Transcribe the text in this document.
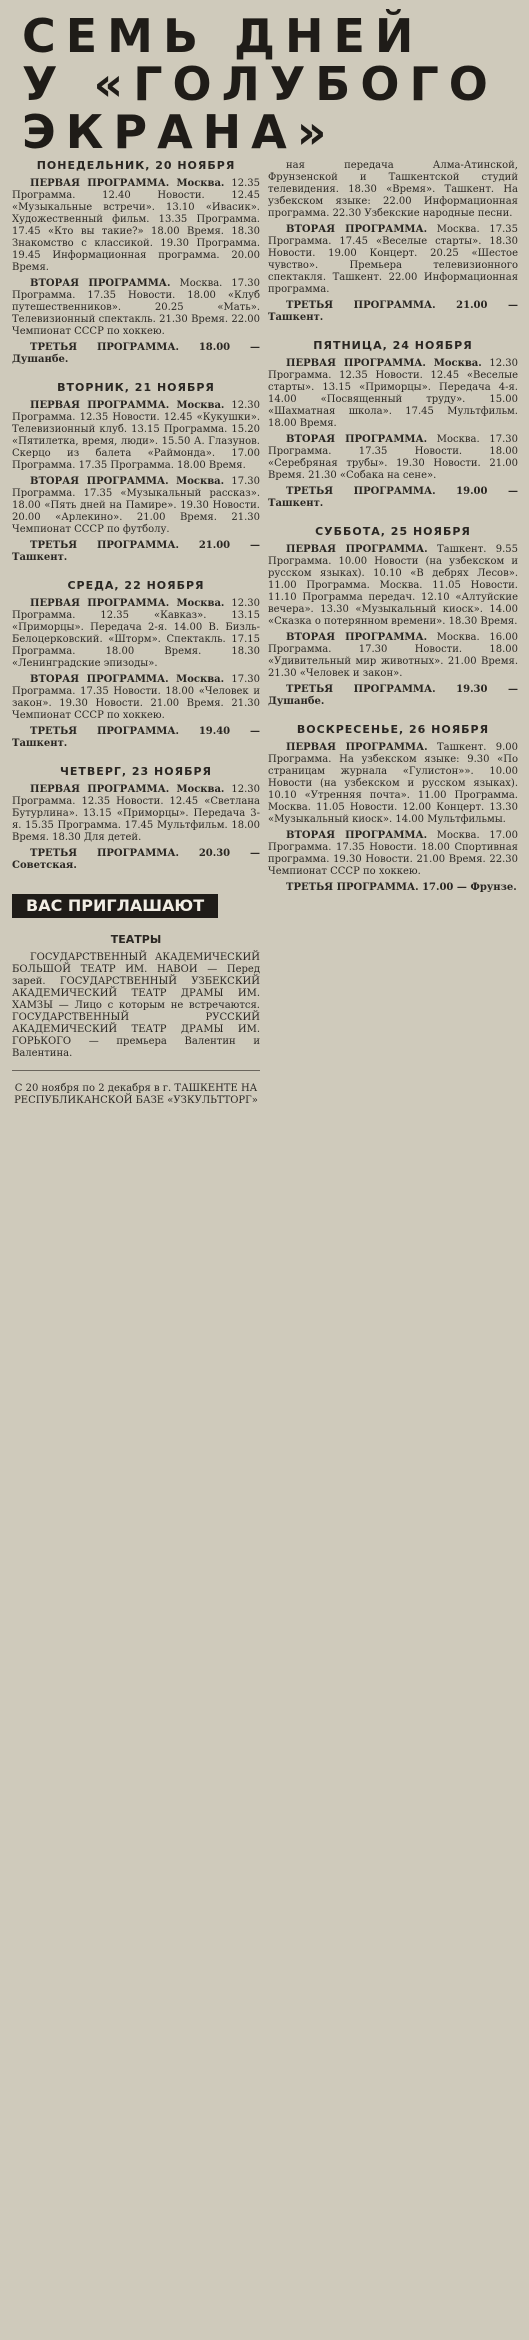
СЕМЬ ДНЕЙ
У «ГОЛУБОГО
ЭКРАНА»
ПОНЕДЕЛЬНИК, 20 НОЯБРЯ

ПЕРВАЯ ПРОГРАММА. Москва. 12.35 Программа. 12.40 Новости. 12.45 «Музыкальные встречи». 13.10 «Ивасик». Художественный фильм. 13.35 Программа. 17.45 «Кто вы такие?» 18.00 Время. 18.30 Знакомство с классикой. 19.30 Программа. 19.45 Информационная программа. 20.00 Время.

ВТОРАЯ ПРОГРАММА. Москва. 17.30 Программа. 17.35 Новости. 18.00 «Клуб путешественников». 20.25 «Мать». Телевизионный спектакль. 21.30 Время. 22.00 Чемпионат СССР по хоккею.

ТРЕТЬЯ ПРОГРАММА. 18.00 — Душанбе.

ВТОРНИК, 21 НОЯБРЯ

ПЕРВАЯ ПРОГРАММА. Москва. 12.30 Программа. 12.35 Новости. 12.45 «Кукушки». Телевизионный клуб. 13.15 Программа. 15.20 «Пятилетка, время, люди». 15.50 А. Глазунов. Скерцо из балета «Раймонда». 17.00 Программа. 17.35 Программа. 18.00 Время.

ВТОРАЯ ПРОГРАММА. Москва. 17.30 Программа. 17.35 «Музыкальный рассказ». 18.00 «Пять дней на Памире». 19.30 Новости. 20.00 «Арлекино». 21.00 Время. 21.30 Чемпионат СССР по футболу.

ТРЕТЬЯ ПРОГРАММА. 21.00 — Ташкент.

СРЕДА, 22 НОЯБРЯ

ПЕРВАЯ ПРОГРАММА. Москва. 12.30 Программа. 12.35 «Кавказ». 13.15 «Приморцы». Передача 2-я. 14.00 В. Бизль-Белоцерковский. «Шторм». Спектакль. 17.15 Программа. 18.00 Время. 18.30 «Ленинградские эпизоды».

ВТОРАЯ ПРОГРАММА. Москва. 17.30 Программа. 17.35 Новости. 18.00 «Человек и закон». 19.30 Новости. 21.00 Время. 21.30 Чемпионат СССР по хоккею.

ТРЕТЬЯ ПРОГРАММА. 19.40 — Ташкент.

ЧЕТВЕРГ, 23 НОЯБРЯ

ПЕРВАЯ ПРОГРАММА. Москва. 12.30 Программа. 12.35 Новости. 12.45 «Светлана Бутурлина». 13.15 «Приморцы». Передача 3-я. 15.35 Программа. 17.45 Мультфильм. 18.00 Время. 18.30 Для детей.

ТРЕТЬЯ ПРОГРАММА. 20.30 — Советская.

ВАС ПРИГЛАШАЮТ
ТЕАТРЫ

ГОСУДАРСТВЕННЫЙ АКАДЕМИЧЕСКИЙ БОЛЬШОЙ ТЕАТР ИМ. НАВОИ — Перед зарей. ГОСУДАРСТВЕННЫЙ УЗБЕКСКИЙ АКАДЕМИЧЕСКИЙ ТЕАТР ДРАМЫ ИМ. ХАМЗЫ — Лицо с которым не встречаются. ГОСУДАРСТВЕННЫЙ РУССКИЙ АКАДЕМИЧЕСКИЙ ТЕАТР ДРАМЫ ИМ. ГОРЬКОГО — премьера Валентин и Валентина.

С 20 ноября по 2 декабря в г. ТАШКЕНТЕ НА РЕСПУБЛИКАНСКОЙ БАЗЕ «УЗКУЛЬТТОРГ»

ная передача Алма-Атинской, Фрунзенской и Ташкентской студий телевидения. 18.30 «Время». Ташкент. На узбекском языке: 22.00 Информационная программа. 22.30 Узбекские народные песни.

ВТОРАЯ ПРОГРАММА. Москва. 17.35 Программа. 17.45 «Веселые старты». 18.30 Новости. 19.00 Концерт. 20.25 «Шестое чувство». Премьера телевизионного спектакля. Ташкент. 22.00 Информационная программа.

ТРЕТЬЯ ПРОГРАММА. 21.00 — Ташкент.

ПЯТНИЦА, 24 НОЯБРЯ

ПЕРВАЯ ПРОГРАММА. Москва. 12.30 Программа. 12.35 Новости. 12.45 «Веселые старты». 13.15 «Приморцы». Передача 4-я. 14.00 «Посвященный труду». 15.00 «Шахматная школа». 17.45 Мультфильм. 18.00 Время.

ВТОРАЯ ПРОГРАММА. Москва. 17.30 Программа. 17.35 Новости. 18.00 «Серебряная трубы». 19.30 Новости. 21.00 Время. 21.30 «Собака на сене».

ТРЕТЬЯ ПРОГРАММА. 19.00 — Ташкент.

СУББОТА, 25 НОЯБРЯ

ПЕРВАЯ ПРОГРАММА. Ташкент. 9.55 Программа. 10.00 Новости (на узбекском и русском языках). 10.10 «В дебрях Лесов». 11.00 Программа. Москва. 11.05 Новости. 11.10 Программа передач. 12.10 «Алтуйские вечера». 13.30 «Музыкальный киоск». 14.00 «Сказка о потерянном времени». 18.30 Время.

ВТОРАЯ ПРОГРАММА. Москва. 16.00 Программа. 17.30 Новости. 18.00 «Удивительный мир животных». 21.00 Время. 21.30 «Человек и закон».

ТРЕТЬЯ ПРОГРАММА. 19.30 — Душанбе.

ВОСКРЕСЕНЬЕ, 26 НОЯБРЯ

ПЕРВАЯ ПРОГРАММА. Ташкент. 9.00 Программа. На узбекском языке: 9.30 «По страницам журнала «Гулистон»». 10.00 Новости (на узбекском и русском языках). 10.10 «Утренняя почта». 11.00 Программа. Москва. 11.05 Новости. 12.00 Концерт. 13.30 «Музыкальный киоск». 14.00 Мультфильмы.

ВТОРАЯ ПРОГРАММА. Москва. 17.00 Программа. 17.35 Новости. 18.00 Спортивная программа. 19.30 Новости. 21.00 Время. 22.30 Чемпионат СССР по хоккею.

ТРЕТЬЯ ПРОГРАММА. 17.00 — Фрунзе.
